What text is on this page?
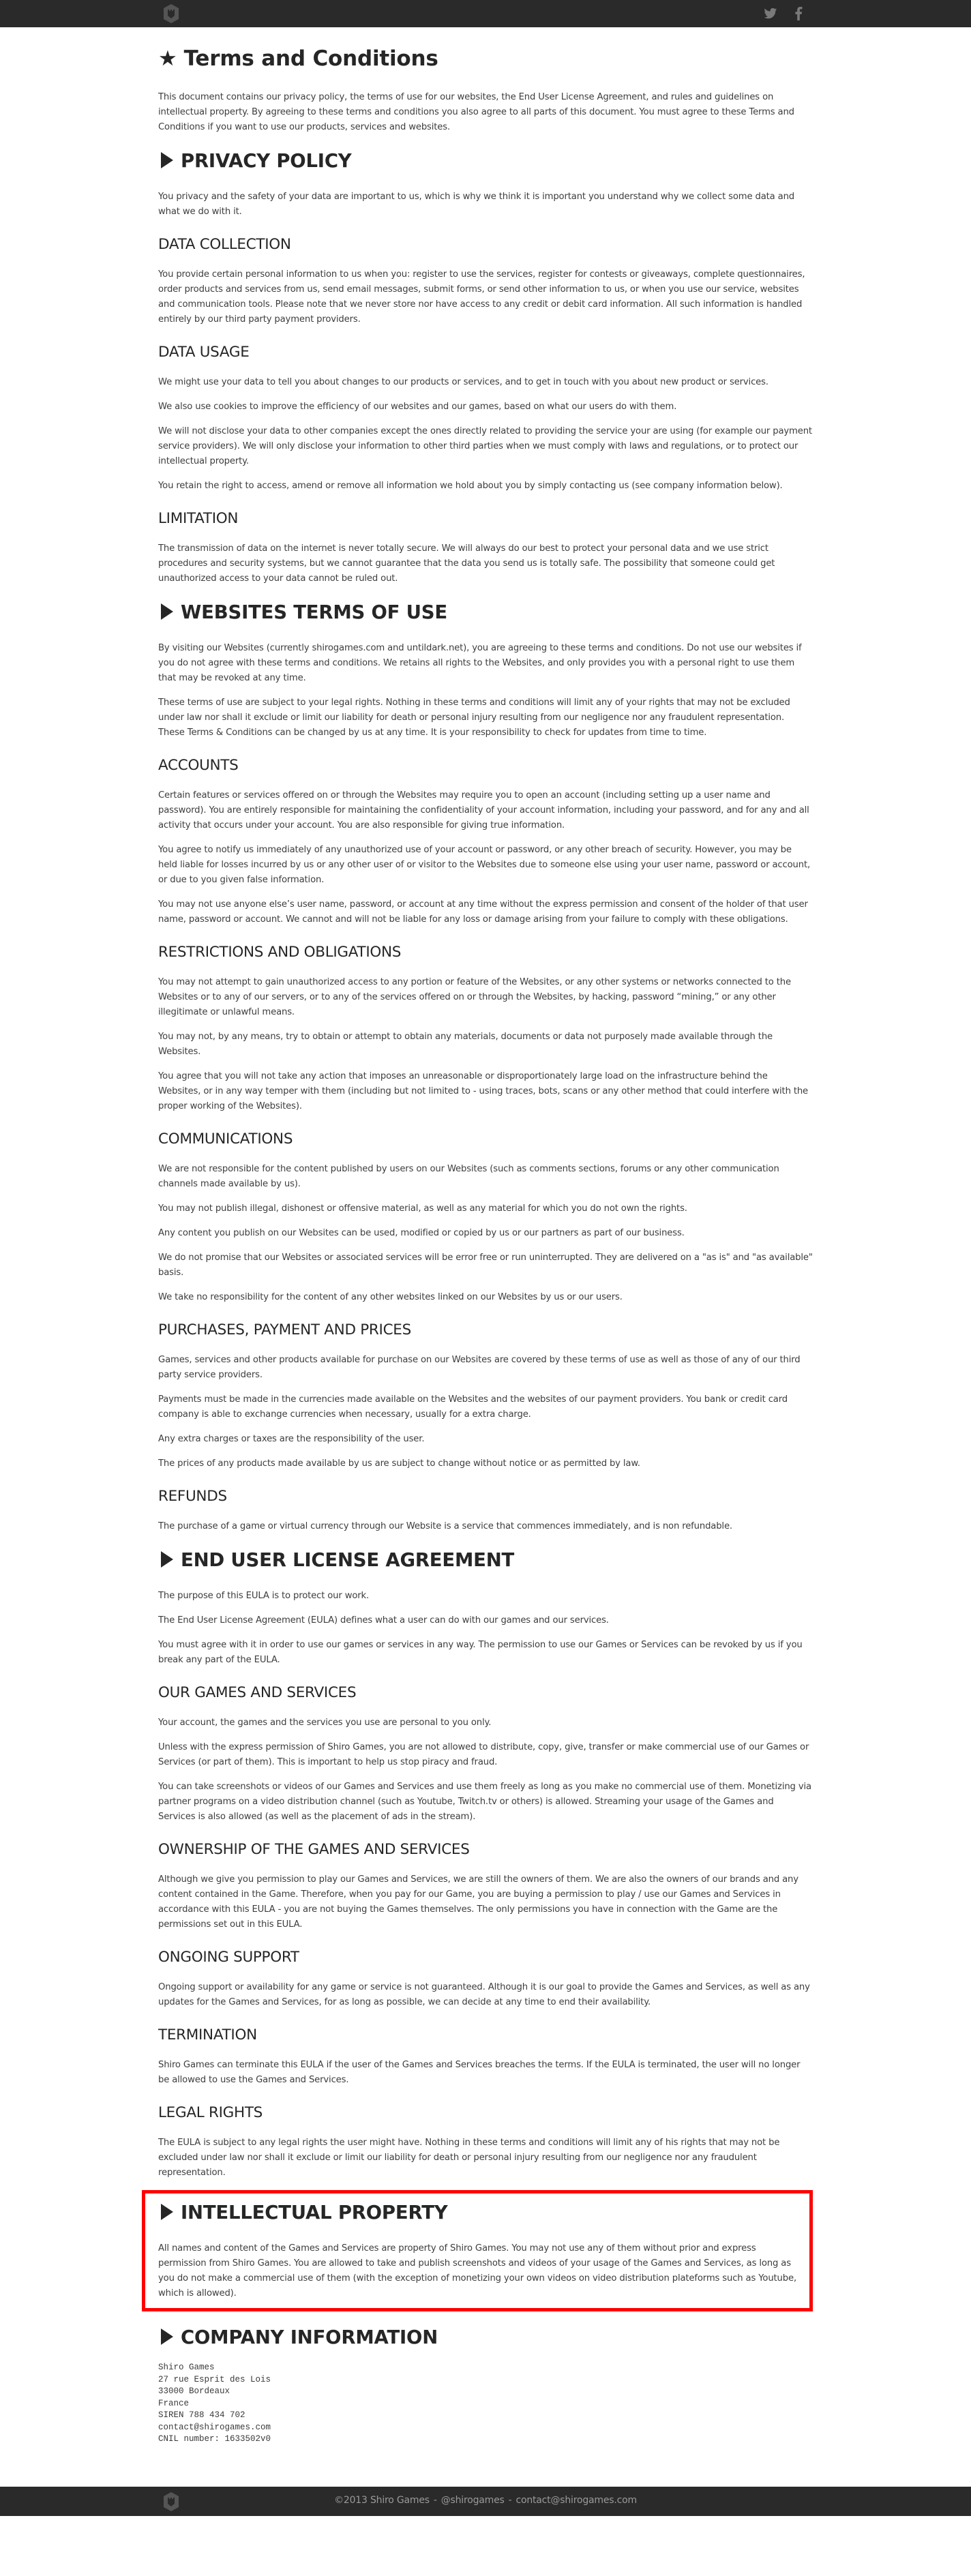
★ Terms and Conditions

This document contains our privacy policy, the terms of use for our websites, the End User License Agreement, and rules and guidelines on intellectual property. By agreeing to these terms and conditions you also agree to all parts of this document. You must agree to these Terms and Conditions if you want to use our products, services and websites.

PRIVACY POLICY

You privacy and the safety of your data are important to us, which is why we think it is important you understand why we collect some data and what we do with it.

DATA COLLECTION

You provide certain personal information to us when you: register to use the services, register for contests or giveaways, complete questionnaires, order products and services from us, send email messages, submit forms, or send other information to us, or when you use our service, websites and communication tools. Please note that we never store nor have access to any credit or debit card information. All such information is handled entirely by our third party payment providers.

DATA USAGE

We might use your data to tell you about changes to our products or services, and to get in touch with you about new product or services.

We also use cookies to improve the efficiency of our websites and our games, based on what our users do with them.

We will not disclose your data to other companies except the ones directly related to providing the service your are using (for example our payment service providers). We will only disclose your information to other third parties when we must comply with laws and regulations, or to protect our intellectual property.

You retain the right to access, amend or remove all information we hold about you by simply contacting us (see company information below).

LIMITATION

The transmission of data on the internet is never totally secure. We will always do our best to protect your personal data and we use strict procedures and security systems, but we cannot guarantee that the data you send us is totally safe. The possibility that someone could get unauthorized access to your data cannot be ruled out.

WEBSITES TERMS OF USE

By visiting our Websites (currently shirogames.com and untildark.net), you are agreeing to these terms and conditions. Do not use our websites if you do not agree with these terms and conditions. We retains all rights to the Websites, and only provides you with a personal right to use them that may be revoked at any time.

These terms of use are subject to your legal rights. Nothing in these terms and conditions will limit any of your rights that may not be excluded under law nor shall it exclude or limit our liability for death or personal injury resulting from our negligence nor any fraudulent representation. These Terms & Conditions can be changed by us at any time. It is your responsibility to check for updates from time to time.

ACCOUNTS

Certain features or services offered on or through the Websites may require you to open an account (including setting up a user name and password). You are entirely responsible for maintaining the confidentiality of your account information, including your password, and for any and all activity that occurs under your account. You are also responsible for giving true information.

You agree to notify us immediately of any unauthorized use of your account or password, or any other breach of security. However, you may be held liable for losses incurred by us or any other user of or visitor to the Websites due to someone else using your user name, password or account, or due to you given false information.

You may not use anyone else’s user name, password, or account at any time without the express permission and consent of the holder of that user name, password or account. We cannot and will not be liable for any loss or damage arising from your failure to comply with these obligations.

RESTRICTIONS AND OBLIGATIONS

You may not attempt to gain unauthorized access to any portion or feature of the Websites, or any other systems or networks connected to the Websites or to any of our servers, or to any of the services offered on or through the Websites, by hacking, password “mining,” or any other illegitimate or unlawful means.

You may not, by any means, try to obtain or attempt to obtain any materials, documents or data not purposely made available through the Websites.

You agree that you will not take any action that imposes an unreasonable or disproportionately large load on the infrastructure behind the Websites, or in any way temper with them (including but not limited to - using traces, bots, scans or any other method that could interfere with the proper working of the Websites).

COMMUNICATIONS

We are not responsible for the content published by users on our Websites (such as comments sections, forums or any other communication channels made available by us).

You may not publish illegal, dishonest or offensive material, as well as any material for which you do not own the rights.

Any content you publish on our Websites can be used, modified or copied by us or our partners as part of our business.

We do not promise that our Websites or associated services will be error free or run uninterrupted. They are delivered on a "as is" and "as available" basis.

We take no responsibility for the content of any other websites linked on our Websites by us or our users.

PURCHASES, PAYMENT AND PRICES

Games, services and other products available for purchase on our Websites are covered by these terms of use as well as those of any of our third party service providers.

Payments must be made in the currencies made available on the Websites and the websites of our payment providers. You bank or credit card company is able to exchange currencies when necessary, usually for a extra charge.

Any extra charges or taxes are the responsibility of the user.

The prices of any products made available by us are subject to change without notice or as permitted by law.

REFUNDS

The purchase of a game or virtual currency through our Website is a service that commences immediately, and is non refundable.

END USER LICENSE AGREEMENT

The purpose of this EULA is to protect our work.

The End User License Agreement (EULA) defines what a user can do with our games and our services.

You must agree with it in order to use our games or services in any way. The permission to use our Games or Services can be revoked by us if you break any part of the EULA.

OUR GAMES AND SERVICES

Your account, the games and the services you use are personal to you only.

Unless with the express permission of Shiro Games, you are not allowed to distribute, copy, give, transfer or make commercial use of our Games or Services (or part of them). This is important to help us stop piracy and fraud.

You can take screenshots or videos of our Games and Services and use them freely as long as you make no commercial use of them. Monetizing via partner programs on a video distribution channel (such as Youtube, Twitch.tv or others) is allowed. Streaming your usage of the Games and Services is also allowed (as well as the placement of ads in the stream).

OWNERSHIP OF THE GAMES AND SERVICES

Although we give you permission to play our Games and Services, we are still the owners of them. We are also the owners of our brands and any content contained in the Game. Therefore, when you pay for our Game, you are buying a permission to play / use our Games and Services in accordance with this EULA - you are not buying the Games themselves. The only permissions you have in connection with the Game are the permissions set out in this EULA.

ONGOING SUPPORT

Ongoing support or availability for any game or service is not guaranteed. Although it is our goal to provide the Games and Services, as well as any updates for the Games and Services, for as long as possible, we can decide at any time to end their availability.

TERMINATION

Shiro Games can terminate this EULA if the user of the Games and Services breaches the terms. If the EULA is terminated, the user will no longer be allowed to use the Games and Services.

LEGAL RIGHTS

The EULA is subject to any legal rights the user might have. Nothing in these terms and conditions will limit any of his rights that may not be excluded under law nor shall it exclude or limit our liability for death or personal injury resulting from our negligence nor any fraudulent representation.

INTELLECTUAL PROPERTY

All names and content of the Games and Services are property of Shiro Games. You may not use any of them without prior and express permission from Shiro Games. You are allowed to take and publish screenshots and videos of your usage of the Games and Services, as long as you do not make a commercial use of them (with the exception of monetizing your own videos on video distribution plateforms such as Youtube, which is allowed).

COMPANY INFORMATION
Shiro Games
27 rue Esprit des Lois
33000 Bordeaux
France
SIREN 788 434 702
contact@shirogames.com
CNIL number: 1633502v0
©2013 Shiro Games - @shirogames - contact@shirogames.com
